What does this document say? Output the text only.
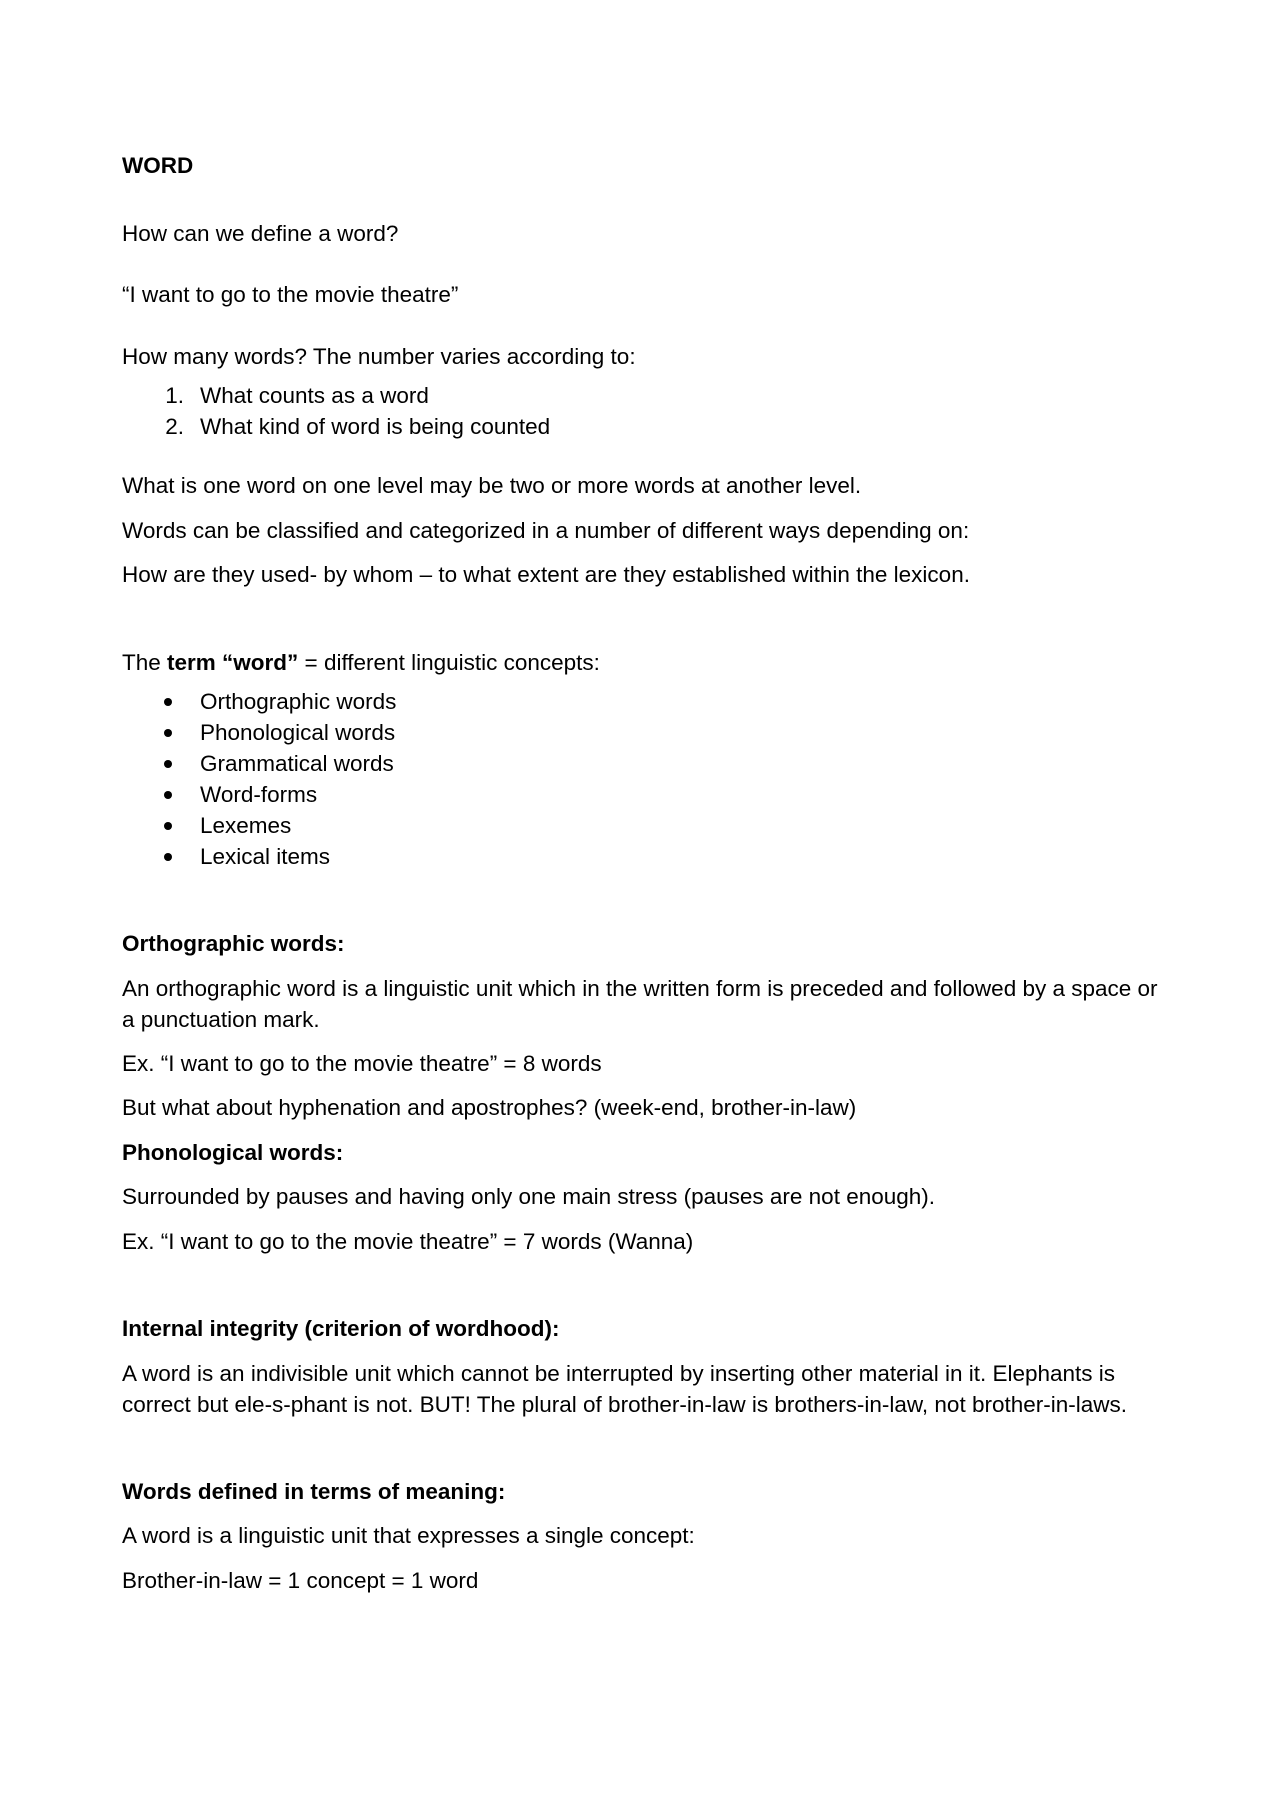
WORD

How can we define a word?

“I want to go to the movie theatre”

How many words? The number varies according to:

1. What counts as a word
2. What kind of word is being counted

What is one word on one level may be two or more words at another level.

Words can be classified and categorized in a number of different ways depending on:

How are they used- by whom – to what extent are they established within the lexicon.

The term “word” = different linguistic concepts:

Orthographic words
Phonological words
Grammatical words
Word-forms
Lexemes
Lexical items

Orthographic words:

An orthographic word is a linguistic unit which in the written form is preceded and followed by a space or a punctuation mark.

Ex. “I want to go to the movie theatre” = 8 words

But what about hyphenation and apostrophes? (week-end, brother-in-law)

Phonological words:

Surrounded by pauses and having only one main stress (pauses are not enough).

Ex. “I want to go to the movie theatre” = 7 words (Wanna)

Internal integrity (criterion of wordhood):

A word is an indivisible unit which cannot be interrupted by inserting other material in it. Elephants is correct but ele-s-phant is not. BUT! The plural of brother-in-law is brothers-in-law, not brother-in-laws.

Words defined in terms of meaning:

A word is a linguistic unit that expresses a single concept:

Brother-in-law = 1 concept = 1 word
